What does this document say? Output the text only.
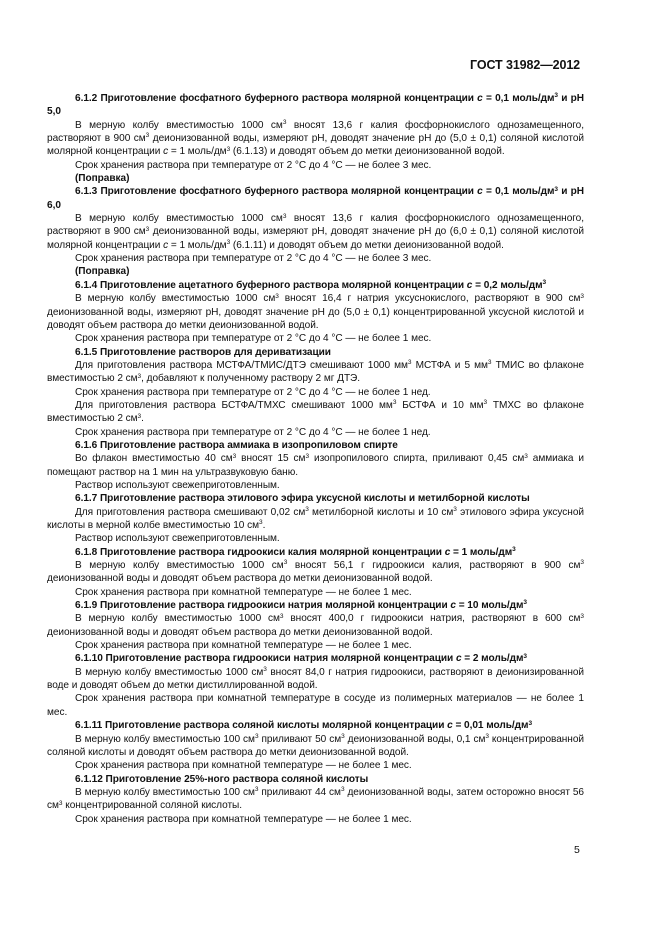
ГОСТ 31982—2012

6.1.2 Приготовление фосфатного буферного раствора молярной концентрации c = 0,1 моль/$дм^3$ и рН 5,0

В мерную колбу вместимостью 1000 $см^3$ вносят 13,6 г калия фосфорнокислого однозамещенного, растворяют в 900 $см^3$ деионизованной воды, измеряют рН, доводят значение рН до (5,0 ± 0,1) соляной кислотой молярной концентрации c = 1 моль/$дм^3$ (6.1.13) и доводят объем до метки деионизованной водой.

Срок хранения раствора при температуре от 2 °С до 4 °С — не более 3 мес.

(Поправка)

6.1.3 Приготовление фосфатного буферного раствора молярной концентрации c = 0,1 моль/$дм^3$ и рН 6,0

В мерную колбу вместимостью 1000 $см^3$ вносят 13,6 г калия фосфорнокислого однозамещенного, растворяют в 900 $см^3$ деионизованной воды, измеряют рН, доводят значение рН до (6,0 ± 0,1) соляной кислотой молярной концентрации c = 1 моль/$дм^3$ (6.1.11) и доводят объем до метки деионизованной водой.

Срок хранения раствора при температуре от 2 °С до 4 °С — не более 3 мес.

(Поправка)

6.1.4 Приготовление ацетатного буферного раствора молярной концентрации c = 0,2 моль/$дм^3$

В мерную колбу вместимостью 1000 $см^3$ вносят 16,4 г натрия уксуснокислого, растворяют в 900 $см^3$ деионизованной воды, измеряют рН, доводят значение рН до (5,0 ± 0,1) концентрированной уксусной кислотой и доводят объем раствора до метки деионизованной водой.

Срок хранения раствора при температуре от 2 °С до 4 °С — не более 1 мес.

6.1.5 Приготовление растворов для дериватизации

Для приготовления раствора МСТФА/ТМИС/ДТЭ смешивают 1000 $мм^3$ МСТФА и 5 $мм^3$ ТМИС во флаконе вместимостью 2 $см^3$, добавляют к полученному раствору 2 мг ДТЭ.

Срок хранения раствора при температуре от 2 °С до 4 °С — не более 1 нед.

Для приготовления раствора БСТФА/ТМХС смешивают 1000 $мм^3$ БСТФА и 10 $мм^3$ ТМХС во флаконе вместимостью 2 $см^3$.

Срок хранения раствора при температуре от 2 °С до 4 °С — не более 1 нед.

6.1.6 Приготовление раствора аммиака в изопропиловом спирте

Во флакон вместимостью 40 $см^3$ вносят 15 $см^3$ изопропилового спирта, приливают 0,45 $см^3$ аммиака и помещают раствор на 1 мин на ультразвуковую баню.

Раствор используют свежеприготовленным.

6.1.7 Приготовление раствора этилового эфира уксусной кислоты и метилборной кислоты

Для приготовления раствора смешивают 0,02 $см^3$ метилборной кислоты и 10 $см^3$ этилового эфира уксусной кислоты в мерной колбе вместимостью 10 $см^3$.

Раствор используют свежеприготовленным.

6.1.8 Приготовление раствора гидроокиси калия молярной концентрации c = 1 моль/$дм^3$

В мерную колбу вместимостью 1000 $см^3$ вносят 56,1 г гидроокиси калия, растворяют в 900 $см^3$ деионизованной воды и доводят объем раствора до метки деионизованной водой.

Срок хранения раствора при комнатной температуре — не более 1 мес.

6.1.9 Приготовление раствора гидроокиси натрия молярной концентрации c = 10 моль/$дм^3$

В мерную колбу вместимостью 1000 $см^3$ вносят 400,0 г гидроокиси натрия, растворяют в 600 $см^3$ деионизованной воды и доводят объем раствора до метки деионизованной водой.

Срок хранения раствора при комнатной температуре — не более 1 мес.

6.1.10 Приготовление раствора гидроокиси натрия молярной концентрации c = 2 моль/$дм^3$

В мерную колбу вместимостью 1000 $см^3$ вносят 84,0 г натрия гидроокиси, растворяют в деионизированной воде и доводят объем до метки дистиллированной водой.

Срок хранения раствора при комнатной температуре в сосуде из полимерных материалов — не более 1 мес.

6.1.11 Приготовление раствора соляной кислоты молярной концентрации c = 0,01 моль/$дм^3$

В мерную колбу вместимостью 100 $см^3$ приливают 50 $см^3$ деионизованной воды, 0,1 $см^3$ концентрированной соляной кислоты и доводят объем раствора до метки деионизованной водой.

Срок хранения раствора при комнатной температуре — не более 1 мес.

6.1.12 Приготовление 25%-ного раствора соляной кислоты

В мерную колбу вместимостью 100 $см^3$ приливают 44 $см^3$ деионизованной воды, затем осторожно вносят 56 $см^3$ концентрированной соляной кислоты.

Срок хранения раствора при комнатной температуре — не более 1 мес.

5
